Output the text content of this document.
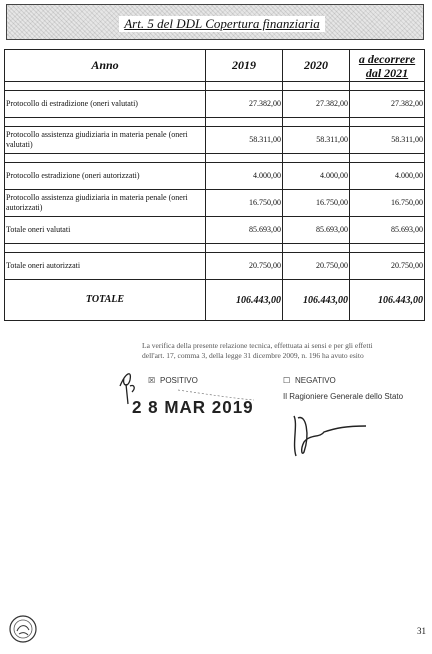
Art. 5 del DDL Copertura finanziaria
Anno	2019	2020	a decorrere dal 2021

Protocollo di estradizione (oneri valutati)	27.382,00	27.382,00	27.382,00

Protocollo assistenza giudiziaria in materia penale (oneri valutati)	58.311,00	58.311,00	58.311,00

Protocollo estradizione (oneri autorizzati)	4.000,00	4.000,00	4.000,00
Protocollo assistenza giudiziaria in materia penale (oneri autorizzati)	16.750,00	16.750,00	16.750,00
Totale oneri valutati	85.693,00	85.693,00	85.693,00

Totale oneri autorizzati	20.750,00	20.750,00	20.750,00
TOTALE	106.443,00	106.443,00	106.443,00
La verifica della presente relazione tecnica, effettuata ai sensi e per gli effetti dell'art. 17, comma 3, della legge 31 dicembre 2009, n. 196 ha avuto esito
☒ POSITIVO	☐ NEGATIVO
Il Ragioniere Generale dello Stato
2 8 MAR 2019
31
